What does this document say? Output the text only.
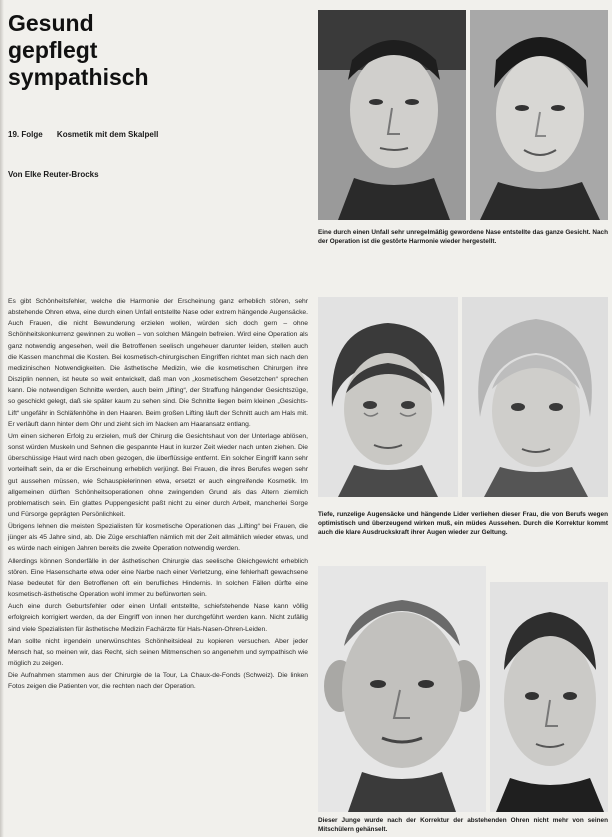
Gesund
gepflegt
sympathisch
19. Folge Kosmetik mit dem Skalpell
Von Elke Reuter-Brocks
Eine durch einen Unfall sehr unregelmäßig gewordene Nase entstellte das ganze Gesicht. Nach der Operation ist die gestörte Harmonie wieder hergestellt.
Tiefe, runzelige Augensäcke und hängende Lider verliehen dieser Frau, die von Berufs wegen optimistisch und überzeugend wirken muß, ein müdes Aussehen. Durch die Korrektur kommt auch die klare Ausdruckskraft ihrer Augen wieder zur Geltung.
Dieser Junge wurde nach der Korrektur der abstehenden Ohren nicht mehr von seinen Mitschülern gehänselt.

Es gibt Schönheitsfehler, welche die Harmonie der Erscheinung ganz erheblich stören, sehr abstehende Ohren etwa, eine durch einen Unfall entstellte Nase oder extrem hängende Augensäcke. Auch Frauen, die nicht Bewunderung erzielen wollen, würden sich doch gern – ohne Schönheitskonkurrenz gewinnen zu wollen – von solchen Mängeln befreien. Wird eine Operation als ganz notwendig angesehen, weil die Betroffenen seelisch ungeheuer darunter leiden, stellen auch die Kassen manchmal die Kosten. Bei kosmetisch-chirurgischen Eingriffen richtet man sich nach den medizinischen Notwendigkeiten. Die ästhetische Medizin, wie die kosmetischen Chirurgen ihre Disziplin nennen, ist heute so weit entwickelt, daß man von „kosmetischem Gesetzchen“ sprechen kann. Die notwendigen Schnitte werden, auch beim „lifting“, der Straffung hängender Gesichtszüge, so geschickt gelegt, daß sie später kaum zu sehen sind. Die Schnitte liegen beim kleinen „Gesichts-Lift“ ungefähr in Schläfenhöhe in den Haaren. Beim großen Lifting läuft der Schnitt auch am Hals mit. Er verläuft dann hinter dem Ohr und zieht sich im Nacken am Haaransatz entlang.

Um einen sicheren Erfolg zu erzielen, muß der Chirurg die Gesichtshaut von der Unterlage ablösen, sonst würden Muskeln und Sehnen die gespannte Haut in kurzer Zeit wieder nach unten ziehen. Die überschüssige Haut wird nach oben gezogen, die überflüssige entfernt. Ein solcher Eingriff kann sehr vorteilhaft sein, da er die Erscheinung erheblich verjüngt. Bei Frauen, die ihres Berufes wegen sehr gut aussehen müssen, wie Schauspielerinnen etwa, ersetzt er auch eingreifende Kosmetik. Im allgemeinen dürften Schönheitsoperationen ohne zwingenden Grund als das Altern ziemlich problematisch sein. Ein glattes Puppengesicht paßt nicht zu einer durch Arbeit, mancherlei Sorge und Fürsorge geprägten Persönlichkeit.

Übrigens lehnen die meisten Spezialisten für kosmetische Operationen das „Lifting“ bei Frauen, die jünger als 45 Jahre sind, ab. Die Züge erschlaffen nämlich mit der Zeit allmählich wieder etwas, und es würde nach einigen Jahren bereits die zweite Operation notwendig werden.

Allerdings können Sonderfälle in der ästhetischen Chirurgie das seelische Gleichgewicht erheblich stören. Eine Hasenscharte etwa oder eine Narbe nach einer Verletzung, eine fehlerhaft gewachsene Nase bedeutet für den Betroffenen oft ein berufliches Hindernis. In solchen Fällen dürfte eine kosmetisch-ästhetische Operation wohl immer zu befürworten sein.

Auch eine durch Geburtsfehler oder einen Unfall entstellte, schiefstehende Nase kann völlig erfolgreich korrigiert werden, da der Eingriff von innen her durchgeführt werden kann. Nicht zufällig sind viele Spezialisten für ästhetische Medizin Fachärzte für Hals-Nasen-Ohren-Leiden.

Man sollte nicht irgendein unerwünschtes Schönheitsideal zu kopieren versuchen. Aber jeder Mensch hat, so meinen wir, das Recht, sich seinen Mitmenschen so angenehm und sympathisch wie möglich zu zeigen.

Die Aufnahmen stammen aus der Chirurgie de la Tour, La Chaux-de-Fonds (Schweiz). Die linken Fotos zeigen die Patienten vor, die rechten nach der Operation.
